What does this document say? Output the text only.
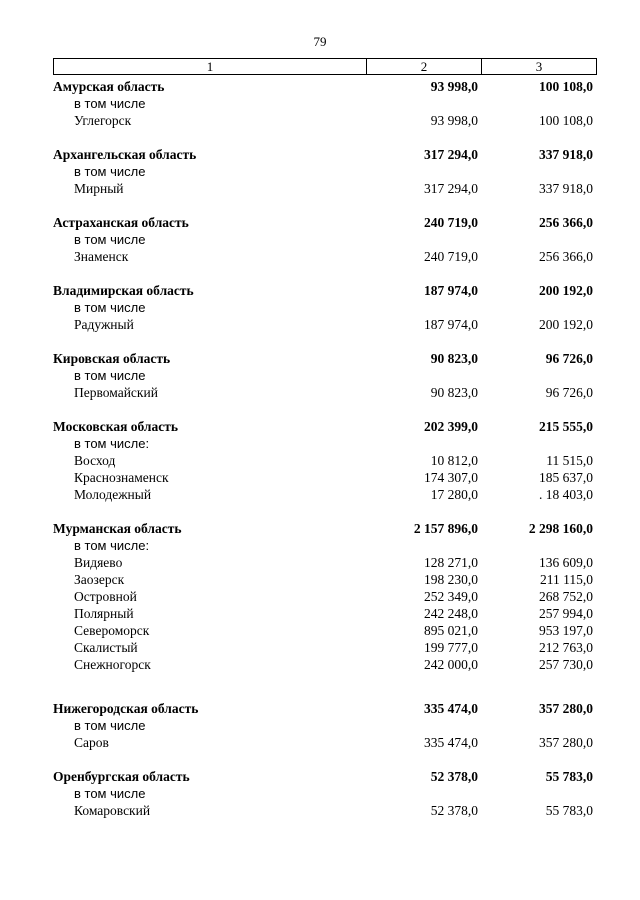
79
1	2	3
Амурская область	93 998,0	100 108,0
в том числе
Углегорск	93 998,0	100 108,0
Архангельская область	317 294,0	337 918,0
в том числе
Мирный	317 294,0	337 918,0
Астраханская область	240 719,0	256 366,0
в том числе
Знаменск	240 719,0	256 366,0
Владимирская область	187 974,0	200 192,0
в том числе
Радужный	187 974,0	200 192,0
Кировская область	90 823,0	96 726,0
в том числе
Первомайский	90 823,0	96 726,0
Московская область	202 399,0	215 555,0
в том числе:
Восход	10 812,0	11 515,0
Краснознаменск	174 307,0	185 637,0
Молодежный	17 280,0	. 18 403,0
Мурманская область	2 157 896,0	2 298 160,0
в том числе:
Видяево	128 271,0	136 609,0
Заозерск	198 230,0	211 115,0
Островной	252 349,0	268 752,0
Полярный	242 248,0	257 994,0
Североморск	895 021,0	953 197,0
Скалистый	199 777,0	212 763,0
Снежногорск	242 000,0	257 730,0
Нижегородская область	335 474,0	357 280,0
в том числе
Саров	335 474,0	357 280,0
Оренбургская область	52 378,0	55 783,0
в том числе
Комаровский	52 378,0	55 783,0
